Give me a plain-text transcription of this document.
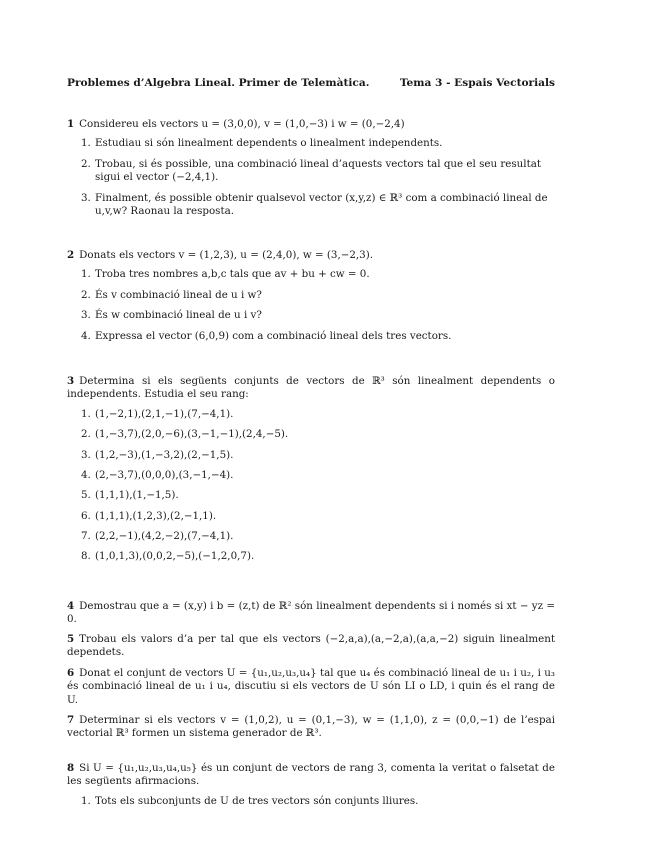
Problemes d’Algebra Lineal. Primer de Telemàtica.	Tema 3 - Espais Vectorials

1 Considereu els vectors u = (3,0,0), v = (1,0,−3) i w = (0,−2,4)

1. Estudiau si són linealment dependents o linealment independents.
2. Trobau, si és possible, una combinació lineal d’aquests vectors tal que el seu resultat sigui el vector (−2,4,1).
3. Finalment, és possible obtenir qualsevol vector (x,y,z) ∈ ℝ³ com a combinació lineal de u,v,w? Raonau la resposta.

2 Donats els vectors v = (1,2,3), u = (2,4,0), w = (3,−2,3).

1. Troba tres nombres a,b,c tals que av + bu + cw = 0.
2. És v combinació lineal de u i w?
3. És w combinació lineal de u i v?
4. Expressa el vector (6,0,9) com a combinació lineal dels tres vectors.

3 Determina si els següents conjunts de vectors de ℝ³ són linealment dependents o independents. Estudia el seu rang:

1. (1,−2,1),(2,1,−1),(7,−4,1).
2. (1,−3,7),(2,0,−6),(3,−1,−1),(2,4,−5).
3. (1,2,−3),(1,−3,2),(2,−1,5).
4. (2,−3,7),(0,0,0),(3,−1,−4).
5. (1,1,1),(1,−1,5).
6. (1,1,1),(1,2,3),(2,−1,1).
7. (2,2,−1),(4,2,−2),(7,−4,1).
8. (1,0,1,3),(0,0,2,−5),(−1,2,0,7).

4 Demostrau que a = (x,y) i b = (z,t) de ℝ² són linealment dependents si i només si xt − yz = 0.

5 Trobau els valors d’a per tal que els vectors (−2,a,a),(a,−2,a),(a,a,−2) siguin linealment dependets.

6 Donat el conjunt de vectors U = {u₁,u₂,u₃,u₄} tal que u₄ és combinació lineal de u₁ i u₂, i u₃ és combinació lineal de u₁ i u₄, discutiu si els vectors de U són LI o LD, i quin és el rang de U.

7 Determinar si els vectors v = (1,0,2), u = (0,1,−3), w = (1,1,0), z = (0,0,−1) de l’espai vectorial ℝ³ formen un sistema generador de ℝ³.

8 Si U = {u₁,u₂,u₃,u₄,u₅} és un conjunt de vectors de rang 3, comenta la veritat o falsetat de les següents afirmacions.

1. Tots els subconjunts de U de tres vectors són conjunts lliures.
